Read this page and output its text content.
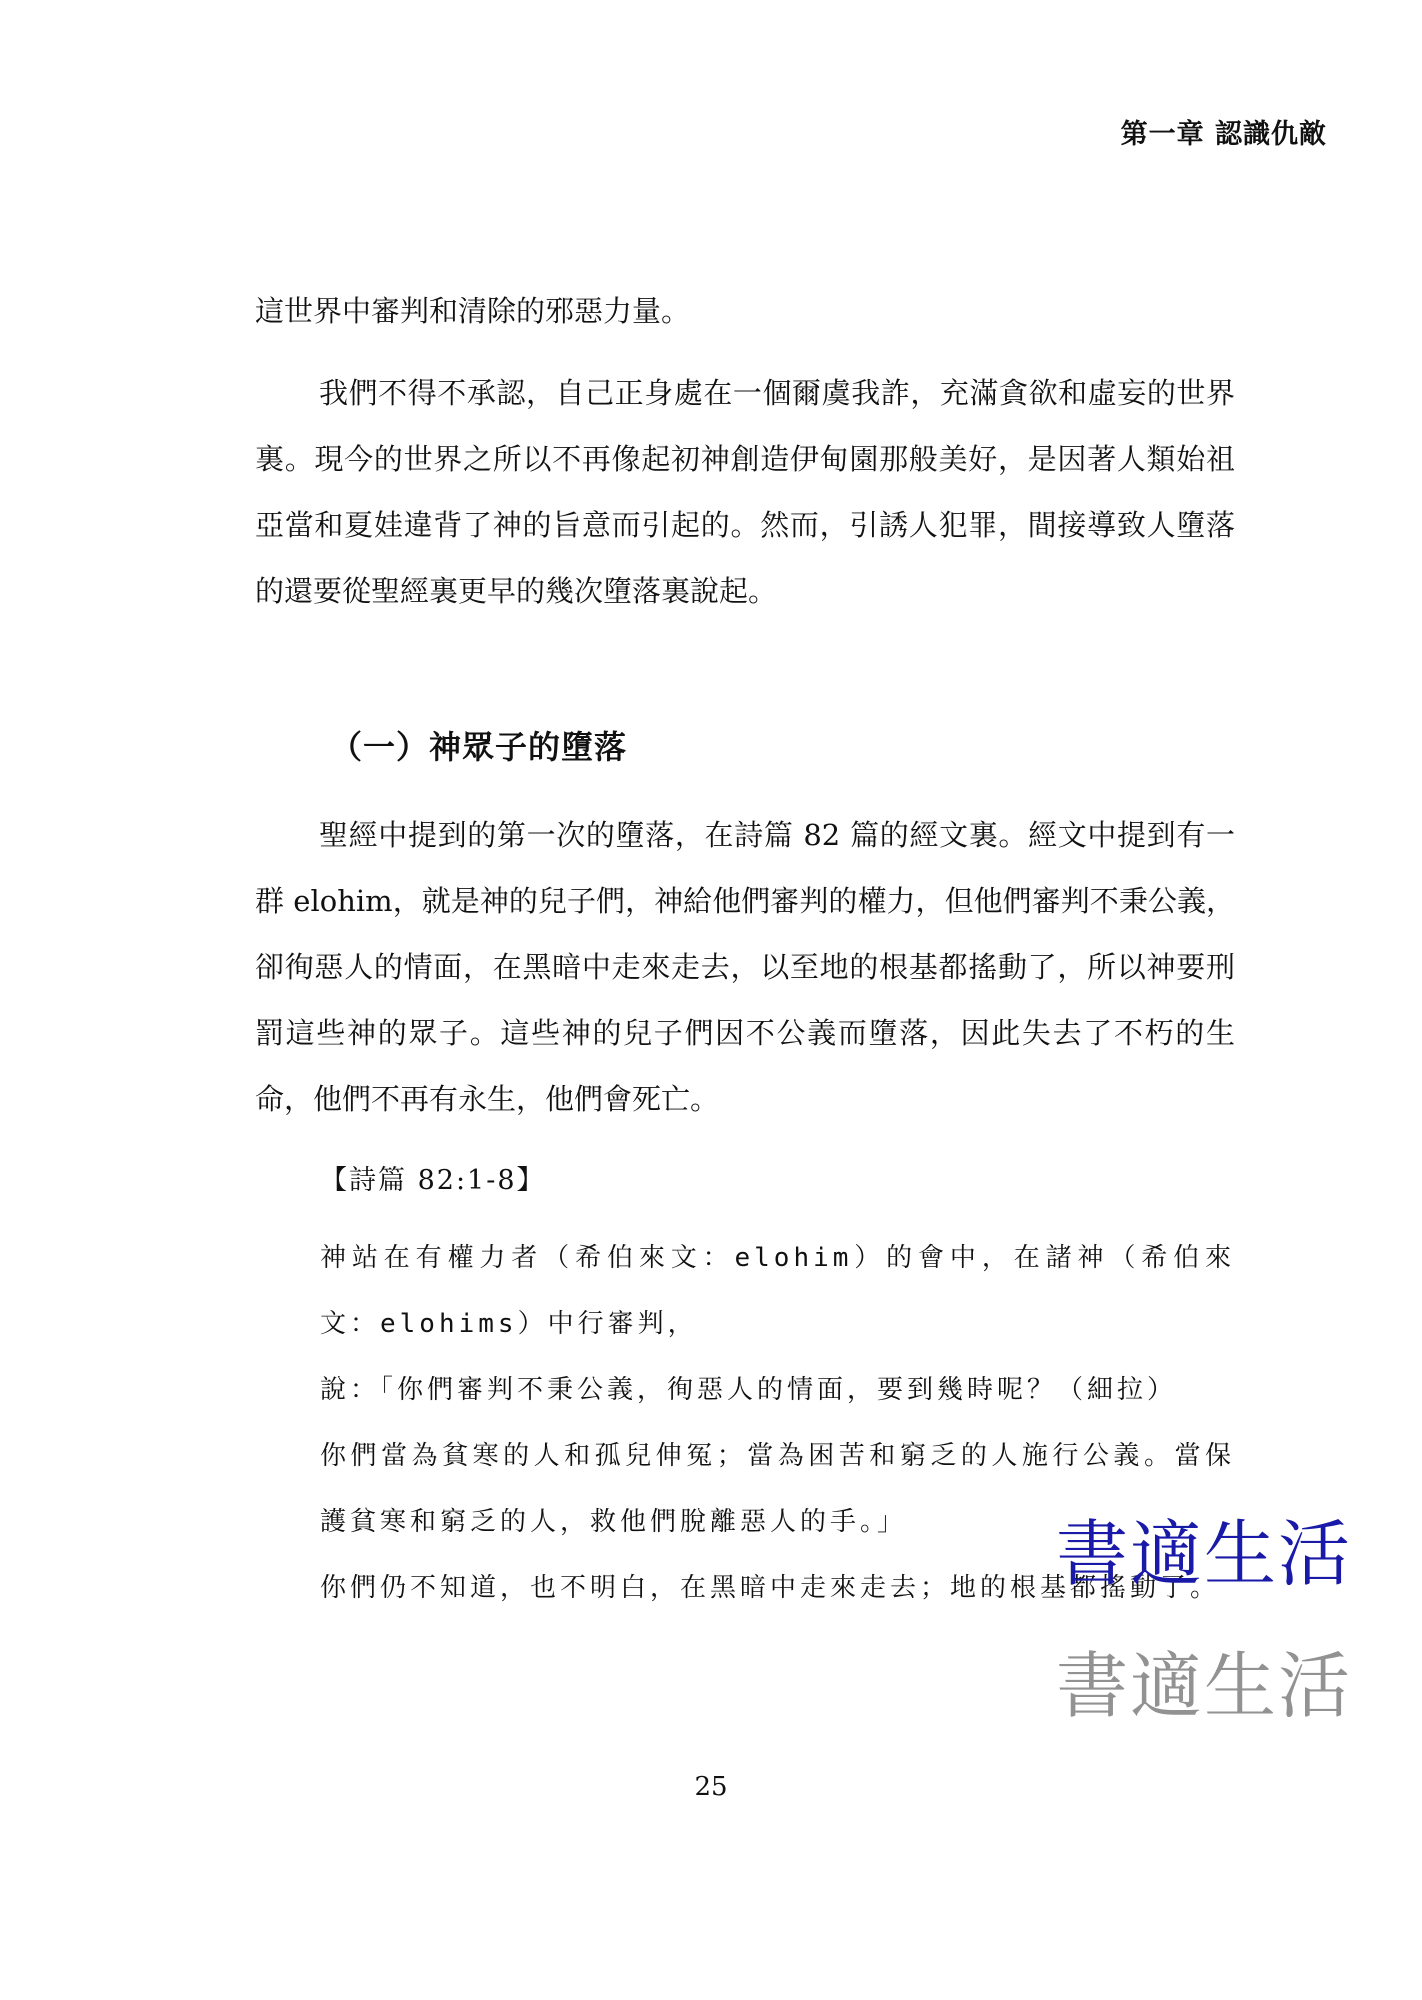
第一章 認識仇敵
這世界中審判和清除的邪惡力量。
我們不得不承認，自己正身處在一個爾虞我詐，充滿貪欲和虛妄的世界裏。現今的世界之所以不再像起初神創造伊甸園那般美好，是因著人類始祖亞當和夏娃違背了神的旨意而引起的。然而，引誘人犯罪，間接導致人墮落的還要從聖經裏更早的幾次墮落裏說起。
（一）神眾子的墮落
聖經中提到的第一次的墮落，在詩篇 82 篇的經文裏。經文中提到有一群 elohim，就是神的兒子們，神給他們審判的權力，但他們審判不秉公義，卻徇惡人的情面，在黑暗中走來走去，以至地的根基都搖動了，所以神要刑罰這些神的眾子。這些神的兒子們因不公義而墮落，因此失去了不朽的生命，他們不再有永生，他們會死亡。
【詩篇 82:1-8】
神站在有權力者（希伯來文：elohim）的會中，在諸神（希伯來文：elohims）中行審判，
說：「你們審判不秉公義，徇惡人的情面，要到幾時呢？（細拉）
你們當為貧寒的人和孤兒伸冤；當為困苦和窮乏的人施行公義。當保護貧寒和窮乏的人，救他們脫離惡人的手。」
你們仍不知道，也不明白，在黑暗中走來走去；地的根基都搖動了。
25
書適生活
書適生活
